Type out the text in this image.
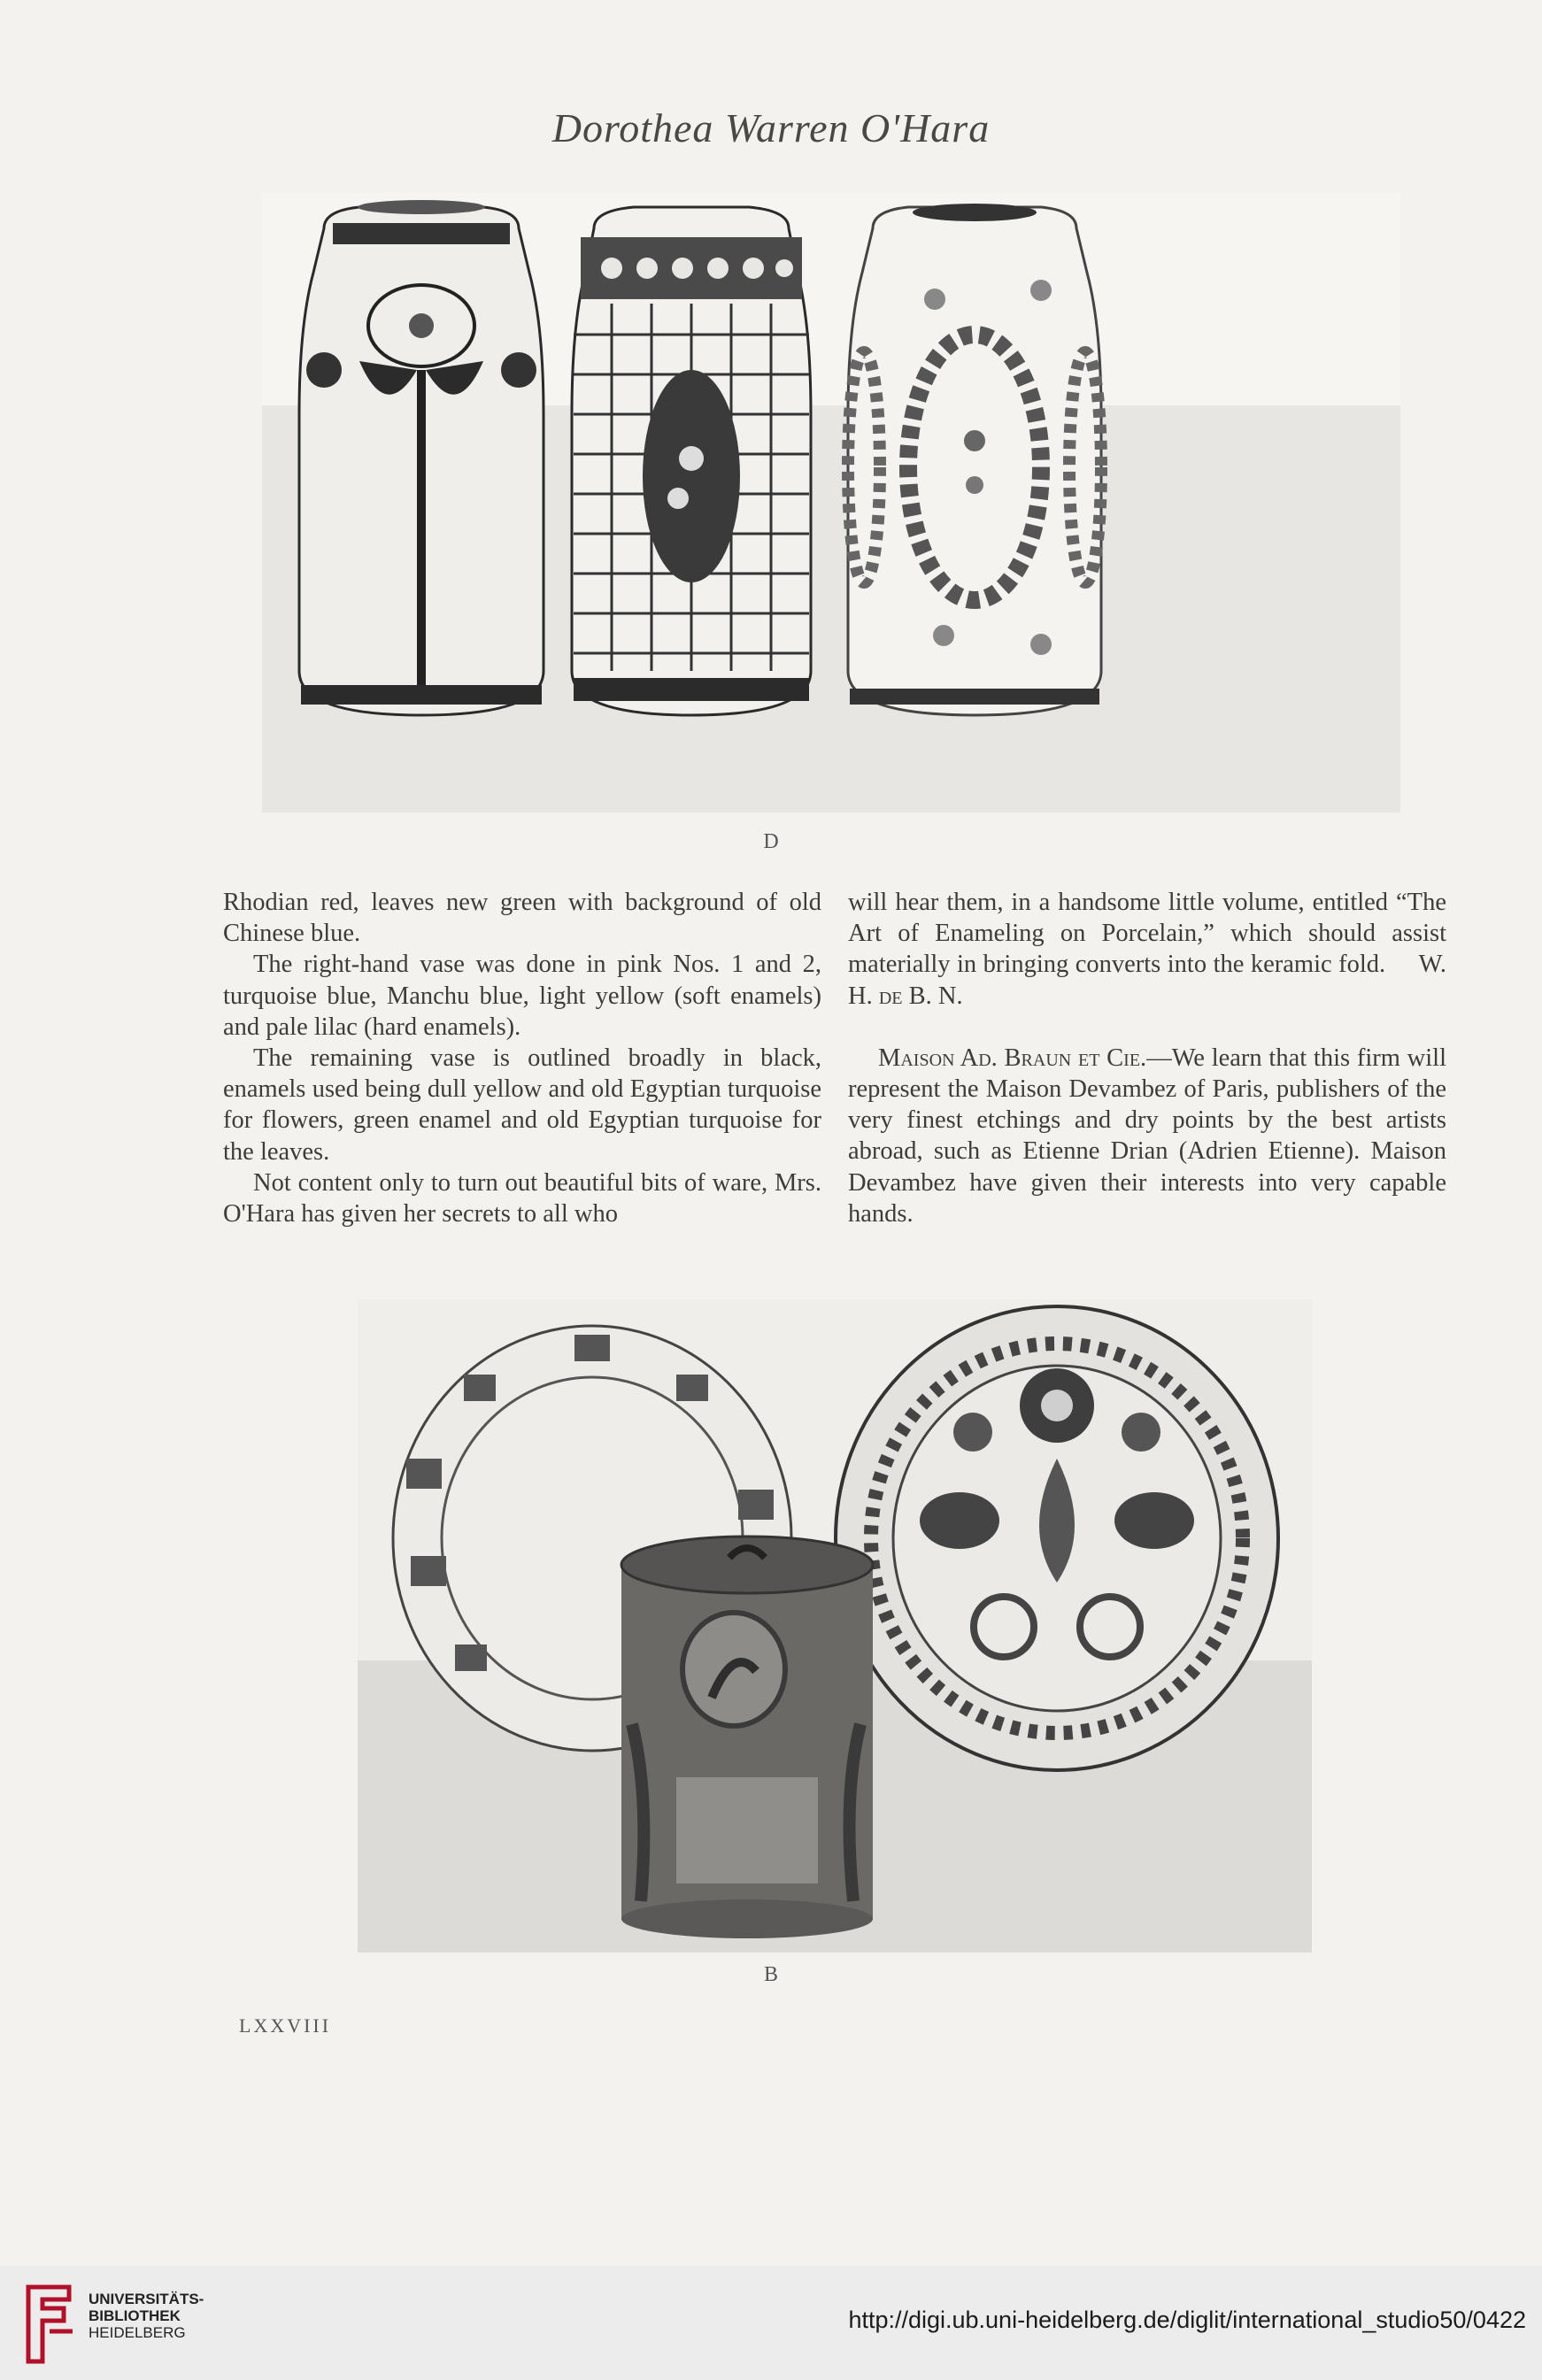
Dorothea Warren O'Hara
D

Rhodian red, leaves new green with background of old Chinese blue.

The right-hand vase was done in pink Nos. 1 and 2, turquoise blue, Manchu blue, light yellow (soft enamels) and pale lilac (hard enamels).

The remaining vase is outlined broadly in black, enamels used being dull yellow and old Egyptian turquoise for flowers, green enamel and old Egyptian turquoise for the leaves.

Not content only to turn out beautiful bits of ware, Mrs. O'Hara has given her secrets to all who

will hear them, in a handsome little volume, entitled “The Art of Enameling on Porcelain,” which should assist materially in bringing converts into the keramic fold. W. H. de B. N.

Maison Ad. Braun et Cie.—We learn that this firm will represent the Maison Devambez of Paris, publishers of the very finest etchings and dry points by the best artists abroad, such as Etienne Drian (Adrien Etienne). Maison Devambez have given their interests into very capable hands.

B
LXXVIII
UNIVERSITÄTS-
BIBLIOTHEK
HEIDELBERG	http://digi.ub.uni-heidelberg.de/diglit/international_studio50/0422
